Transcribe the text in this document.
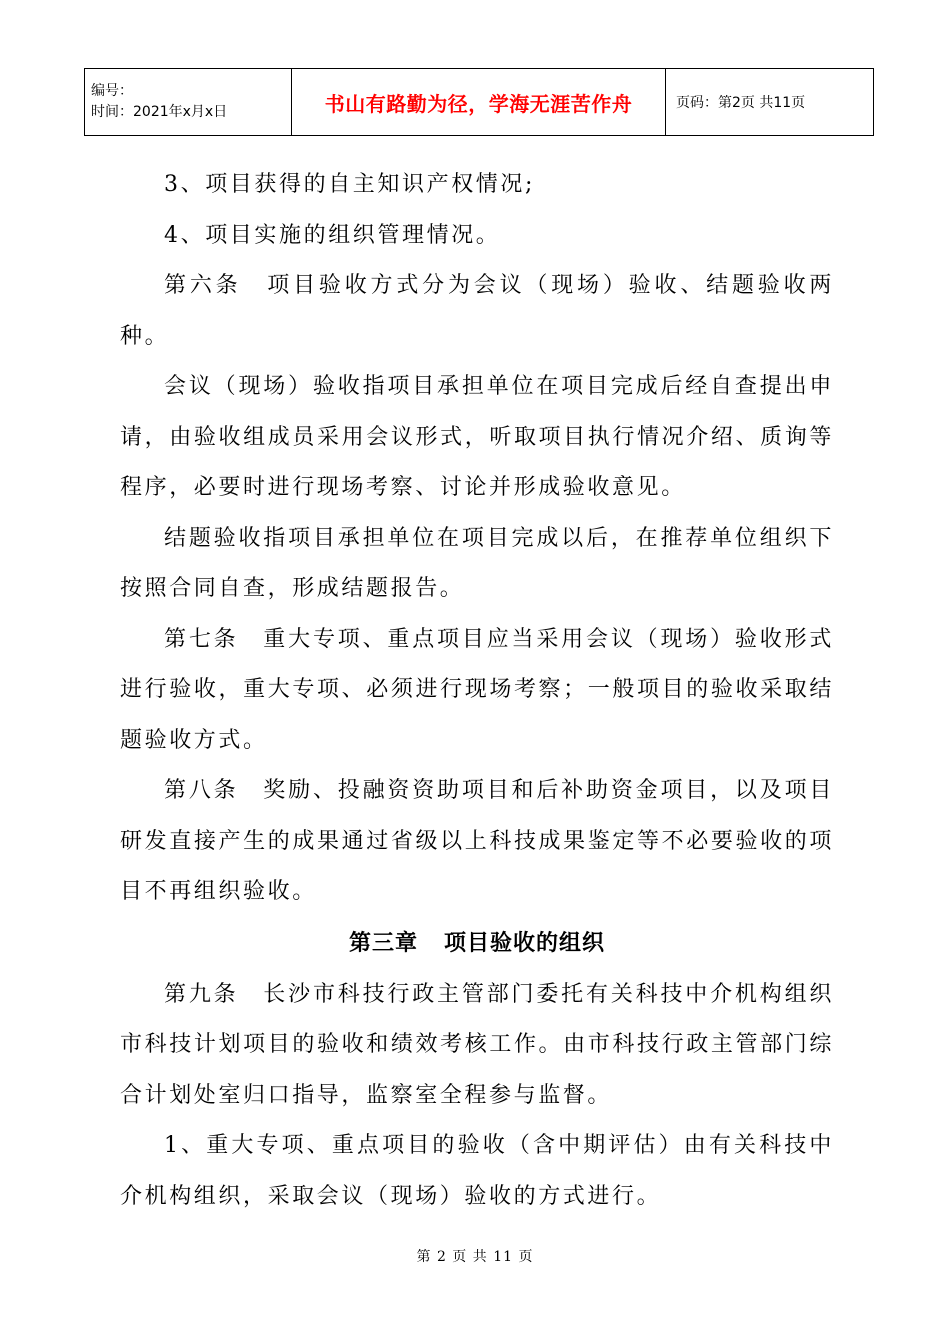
编号：
时间：2021年x月x日	书山有路勤为径，学海无涯苦作舟	页码：第2页 共11页

3、项目获得的自主知识产权情况;

4、项目实施的组织管理情况。

第六条　项目验收方式分为会议（现场）验收、结题验收两种。

会议（现场）验收指项目承担单位在项目完成后经自查提出申请，由验收组成员采用会议形式，听取项目执行情况介绍、质询等程序，必要时进行现场考察、讨论并形成验收意见。

结题验收指项目承担单位在项目完成以后，在推荐单位组织下按照合同自查，形成结题报告。

第七条　重大专项、重点项目应当采用会议（现场）验收形式进行验收，重大专项、必须进行现场考察；一般项目的验收采取结题验收方式。

第八条　奖励、投融资资助项目和后补助资金项目，以及项目研发直接产生的成果通过省级以上科技成果鉴定等不必要验收的项目不再组织验收。

第三章 项目验收的组织

第九条　长沙市科技行政主管部门委托有关科技中介机构组织市科技计划项目的验收和绩效考核工作。由市科技行政主管部门综合计划处室归口指导，监察室全程参与监督。

1、重大专项、重点项目的验收（含中期评估）由有关科技中介机构组织，采取会议（现场）验收的方式进行。

第 2 页 共 11 页
